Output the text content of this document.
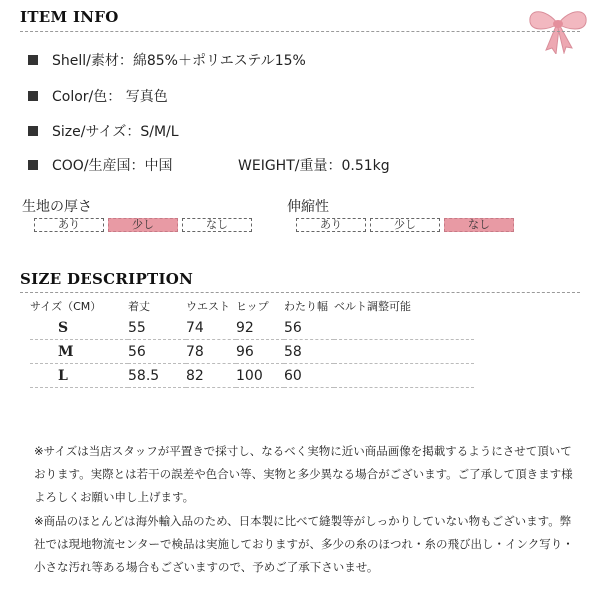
ITEM INFO
Shell/素材：綿85%＋ポリエステル15%
Color/色： 写真色
Size/サイズ：S/M/L
COO/生産国：中国	WEIGHT/重量：0.51kg
生地の厚さ
あり	少し	なし
伸縮性
あり	少し	なし
SIZE DESCRIPTION
サイズ（CM）	着丈	ウエスト	ヒップ	わたり幅	ベルト調整可能
S	55	74	92	56	
M	56	78	96	58	
L	58.5	82	100	60	

※サイズは当店スタッフが平置きで採寸し、なるべく実物に近い商品画像を掲載するようにさせて頂いております。実際とは若干の誤差や色合い等、実物と多少異なる場合がございます。ご了承して頂きます様よろしくお願い申し上げます。

※商品のほとんどは海外輸入品のため、日本製に比べて縫製等がしっかりしていない物もございます。弊社では現地物流センターで検品は実施しておりますが、多少の糸のほつれ・糸の飛び出し・インク写り・小さな汚れ等ある場合もございますので、予めご了承下さいませ。
